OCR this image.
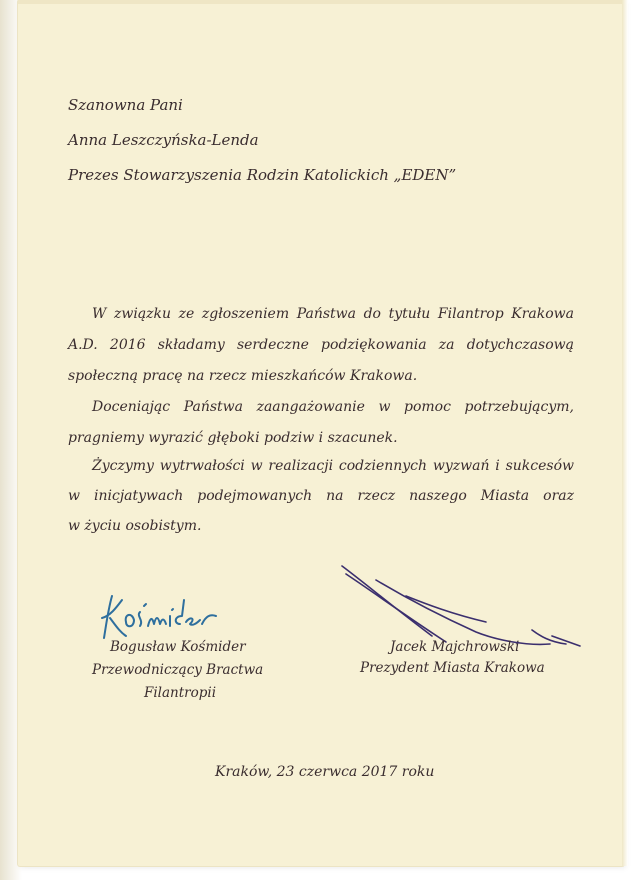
Szanowna Pani
Anna Leszczyńska-Lenda
Prezes Stowarzyszenia Rodzin Katolickich „EDEN”
W związku ze zgłoszeniem Państwa do tytułu Filantrop Krakowa
A.D. 2016 składamy serdeczne podziękowania za dotychczasową
społeczną pracę na rzecz mieszkańców Krakowa.
Doceniając Państwa zaangażowanie w pomoc potrzebującym,
pragniemy wyrazić głęboki podziw i szacunek.
Życzymy wytrwałości w realizacji codziennych wyzwań i sukcesów
w inicjatywach podejmowanych na rzecz naszego Miasta oraz
w życiu osobistym.
Bogusław Kośmider
Przewodniczący Bractwa
Filantropii
Jacek Majchrowski
Prezydent Miasta Krakowa
Kraków, 23 czerwca 2017 roku
